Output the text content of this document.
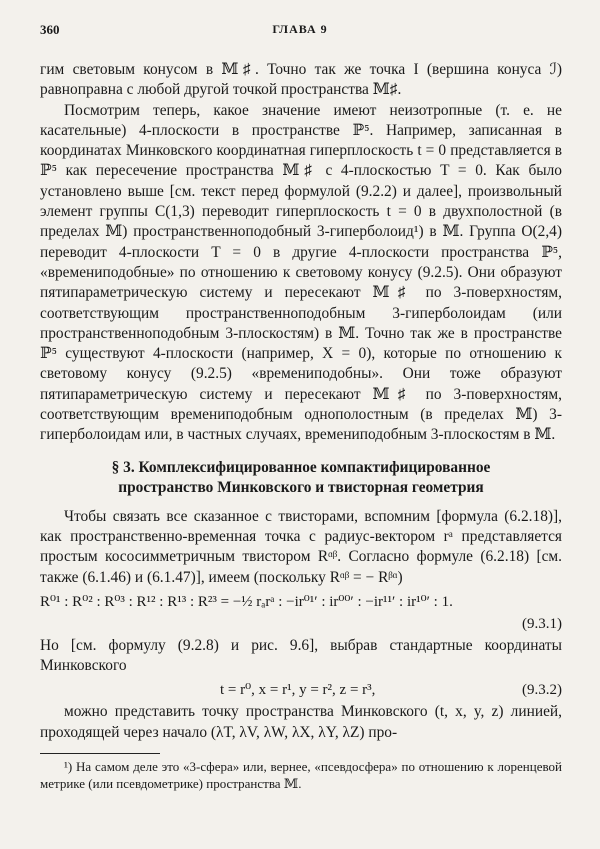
360	ГЛАВА 9

гим световым конусом в 𝕄♯. Точно так же точка I (вершина конуса ℐ) равноправна с любой другой точкой пространства 𝕄♯.

Посмотрим теперь, какое значение имеют неизотропные (т. е. не касательные) 4-плоскости в пространстве ℙ⁵. Например, записанная в координатах Минковского координатная гиперплоскость t = 0 представляется в ℙ⁵ как пересечение пространства 𝕄♯ с 4-плоскостью T = 0. Как было установлено выше [см. текст перед формулой (9.2.2) и далее], произвольный элемент группы C(1,3) переводит гиперплоскость t = 0 в двухполостной (в пределах 𝕄) пространственноподобный 3-гиперболоид¹) в 𝕄. Группа O(2,4) переводит 4-плоскости T = 0 в другие 4-плоскости пространства ℙ⁵, «времениподобные» по отношению к световому конусу (9.2.5). Они образуют пятипараметрическую систему и пересекают 𝕄♯ по 3-поверхностям, соответствующим пространственноподобным 3-гиперболоидам (или пространственноподобным 3-плоскостям) в 𝕄. Точно так же в пространстве ℙ⁵ существуют 4-плоскости (например, X = 0), которые по отношению к световому конусу (9.2.5) «времениподобны». Они тоже образуют пятипараметрическую систему и пересекают 𝕄♯ по 3-поверхностям, соответствующим времениподобным однополостным (в пределах 𝕄) 3-гиперболоидам или, в частных случаях, времениподобным 3-плоскостям в 𝕄.

§ 3. Комплексифицированное компактифицированное
пространство Минковского и твисторная геометрия

Чтобы связать все сказанное с твисторами, вспомним [формула (6.2.18)], как пространственно-временная точка с радиус-вектором rᵃ представляется простым кососимметричным твистором Rᵅᵝ. Согласно формуле (6.2.18) [см. также (6.1.46) и (6.1.47)], имеем (поскольку Rᵅᵝ = − Rᵝᵅ)

R⁰¹ : R⁰² : R⁰³ : R¹² : R¹³ : R²³ = −½ rₐrᵃ : −ir⁰¹′ : ir⁰⁰′ : −ir¹¹′ : ir¹⁰′ : 1.
(9.3.1)

Но [см. формулу (9.2.8) и рис. 9.6], выбрав стандартные координаты Минковского

t = r⁰, x = r¹, y = r², z = r³,	(9.3.2)

можно представить точку пространства Минковского (t, x, y, z) линией, проходящей через начало (λT, λV, λW, λX, λY, λZ) про-

¹) На самом деле это «3-сфера» или, вернее, «псевдосфера» по отношению к лоренцевой метрике (или псевдометрике) пространства 𝕄.
